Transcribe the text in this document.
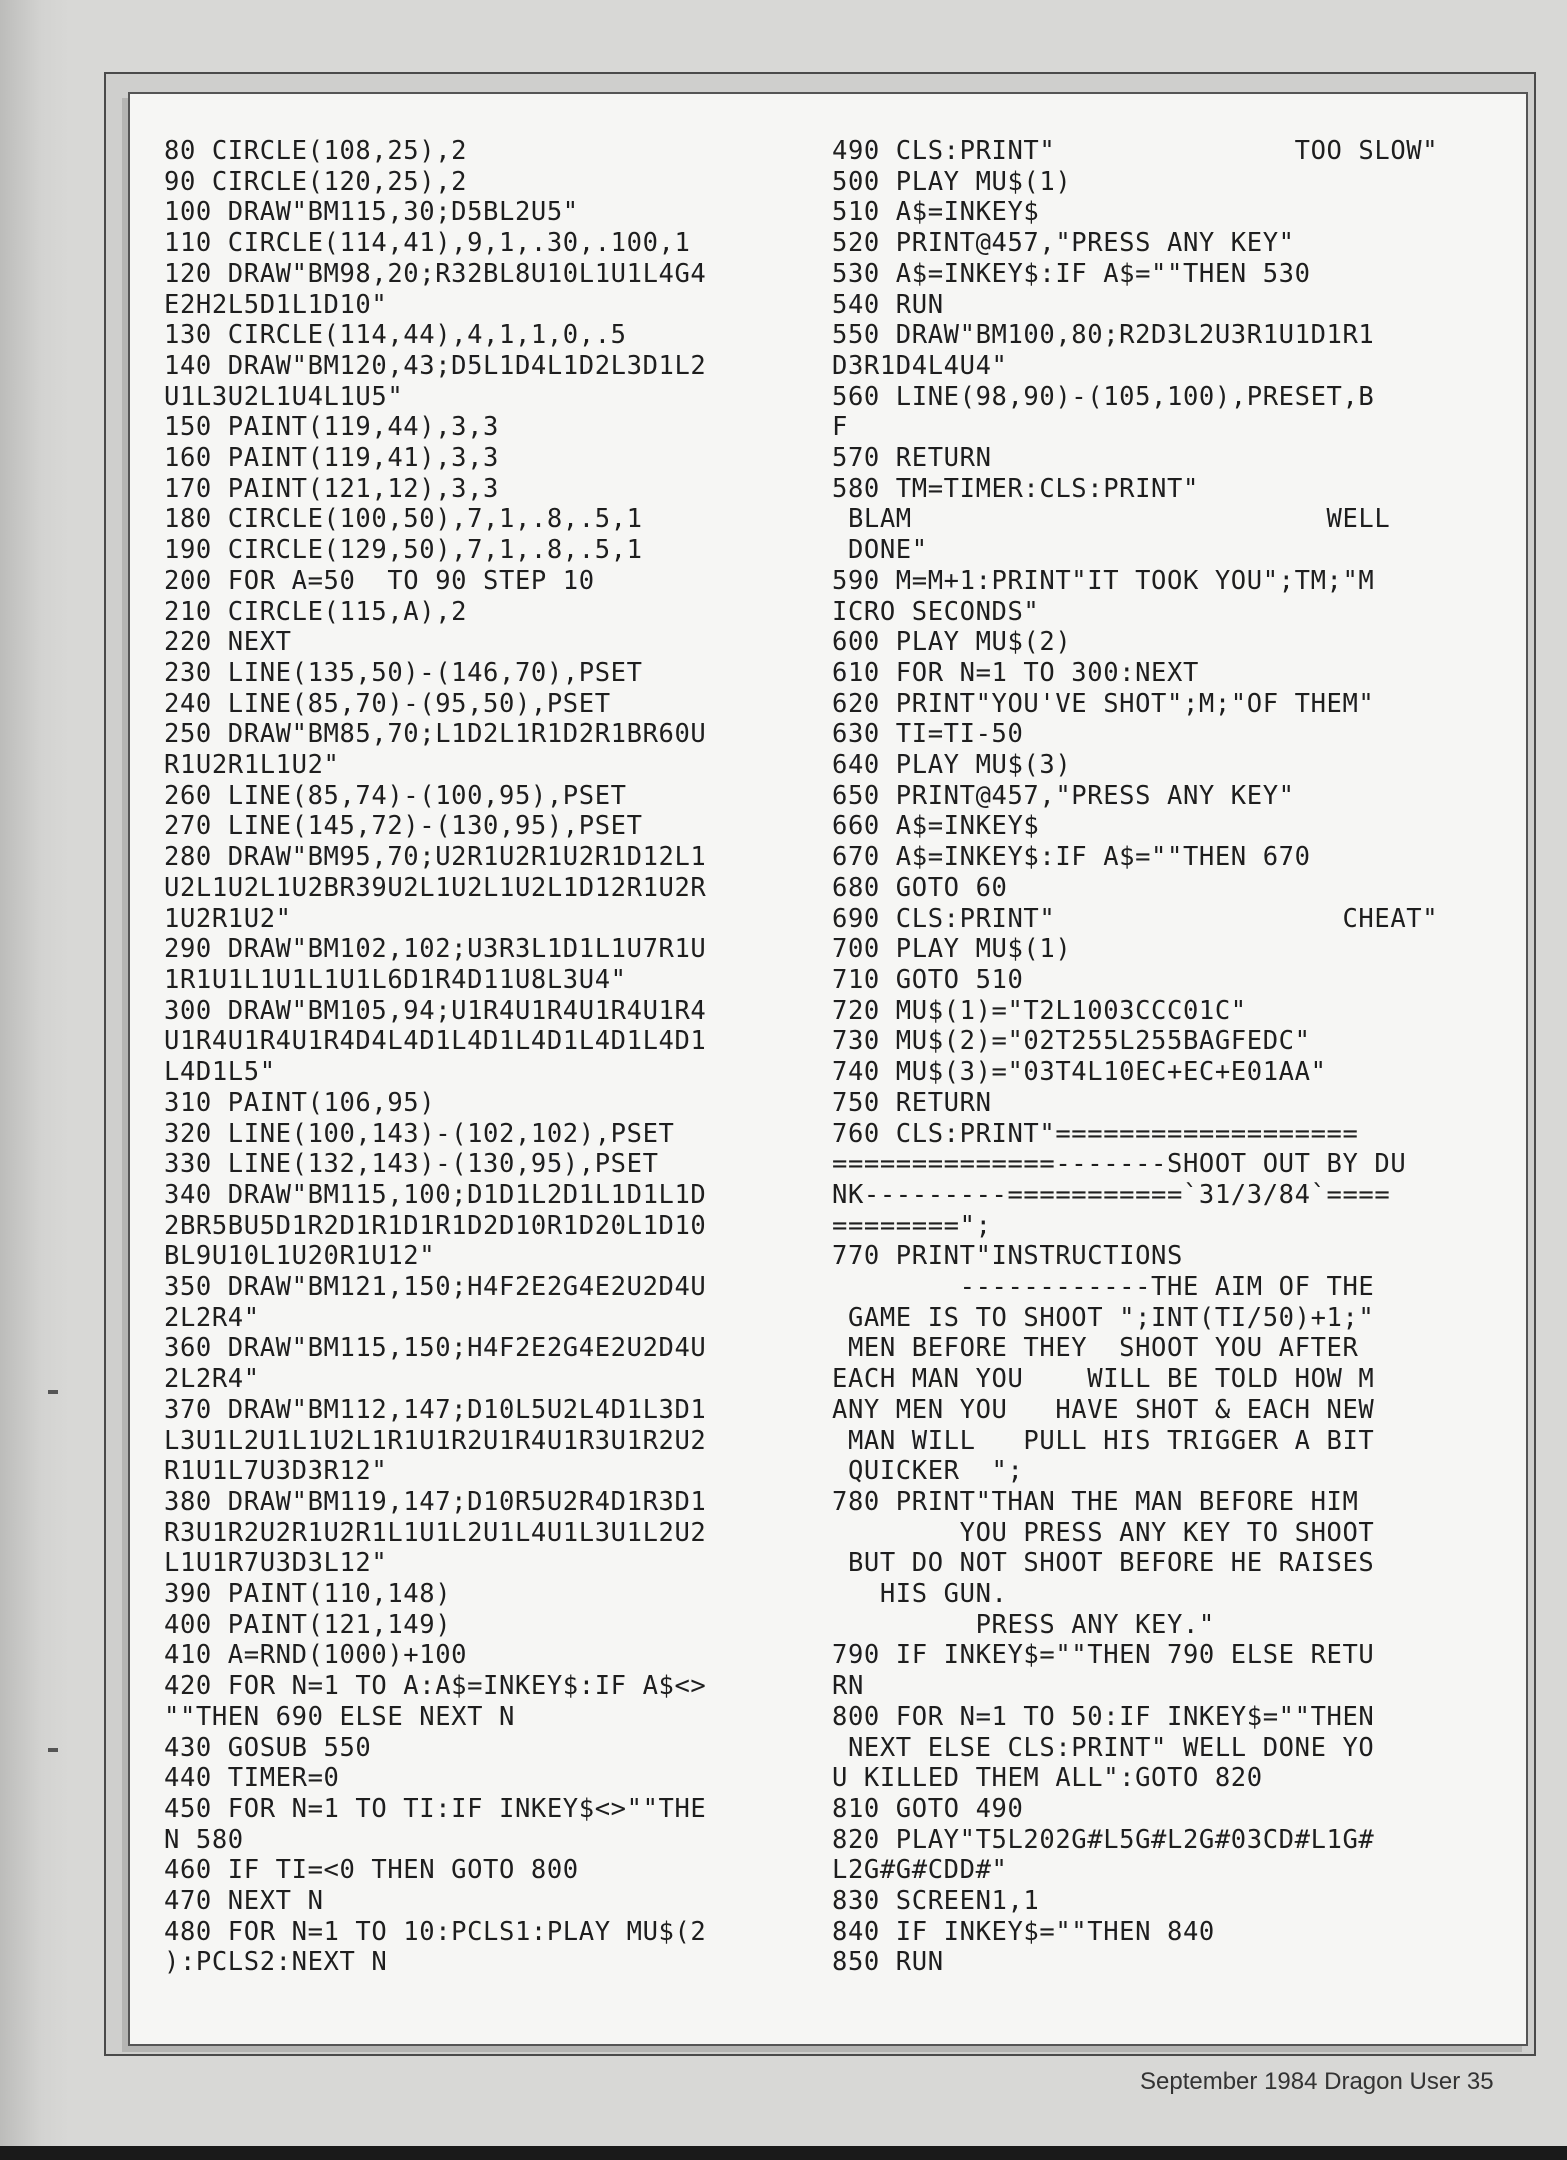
80 CIRCLE(108,25),2
90 CIRCLE(120,25),2
100 DRAW"BM115,30;D5BL2U5"
110 CIRCLE(114,41),9,1,.30,.100,1
120 DRAW"BM98,20;R32BL8U10L1U1L4G4
E2H2L5D1L1D10"
130 CIRCLE(114,44),4,1,1,0,.5
140 DRAW"BM120,43;D5L1D4L1D2L3D1L2
U1L3U2L1U4L1U5"
150 PAINT(119,44),3,3
160 PAINT(119,41),3,3
170 PAINT(121,12),3,3
180 CIRCLE(100,50),7,1,.8,.5,1
190 CIRCLE(129,50),7,1,.8,.5,1
200 FOR A=50  TO 90 STEP 10
210 CIRCLE(115,A),2
220 NEXT
230 LINE(135,50)-(146,70),PSET
240 LINE(85,70)-(95,50),PSET
250 DRAW"BM85,70;L1D2L1R1D2R1BR60U
R1U2R1L1U2"
260 LINE(85,74)-(100,95),PSET
270 LINE(145,72)-(130,95),PSET
280 DRAW"BM95,70;U2R1U2R1U2R1D12L1
U2L1U2L1U2BR39U2L1U2L1U2L1D12R1U2R
1U2R1U2"
290 DRAW"BM102,102;U3R3L1D1L1U7R1U
1R1U1L1U1L1U1L6D1R4D11U8L3U4"
300 DRAW"BM105,94;U1R4U1R4U1R4U1R4
U1R4U1R4U1R4D4L4D1L4D1L4D1L4D1L4D1
L4D1L5"
310 PAINT(106,95)
320 LINE(100,143)-(102,102),PSET
330 LINE(132,143)-(130,95),PSET
340 DRAW"BM115,100;D1D1L2D1L1D1L1D
2BR5BU5D1R2D1R1D1R1D2D10R1D20L1D10
BL9U10L1U20R1U12"
350 DRAW"BM121,150;H4F2E2G4E2U2D4U
2L2R4"
360 DRAW"BM115,150;H4F2E2G4E2U2D4U
2L2R4"
370 DRAW"BM112,147;D10L5U2L4D1L3D1
L3U1L2U1L1U2L1R1U1R2U1R4U1R3U1R2U2
R1U1L7U3D3R12"
380 DRAW"BM119,147;D10R5U2R4D1R3D1
R3U1R2U2R1U2R1L1U1L2U1L4U1L3U1L2U2
L1U1R7U3D3L12"
390 PAINT(110,148)
400 PAINT(121,149)
410 A=RND(1000)+100
420 FOR N=1 TO A:A$=INKEY$:IF A$<>
""THEN 690 ELSE NEXT N
430 GOSUB 550
440 TIMER=0
450 FOR N=1 TO TI:IF INKEY$<>""THE
N 580
460 IF TI=<0 THEN GOTO 800
470 NEXT N
480 FOR N=1 TO 10:PCLS1:PLAY MU$(2
):PCLS2:NEXT N
490 CLS:PRINT"               TOO SLOW"
500 PLAY MU$(1)
510 A$=INKEY$
520 PRINT@457,"PRESS ANY KEY"
530 A$=INKEY$:IF A$=""THEN 530
540 RUN
550 DRAW"BM100,80;R2D3L2U3R1U1D1R1
D3R1D4L4U4"
560 LINE(98,90)-(105,100),PRESET,B
F
570 RETURN
580 TM=TIMER:CLS:PRINT"
BLAM                          WELL
DONE"
590 M=M+1:PRINT"IT TOOK YOU";TM;"M
ICRO SECONDS"
600 PLAY MU$(2)
610 FOR N=1 TO 300:NEXT
620 PRINT"YOU'VE SHOT";M;"OF THEM"
630 TI=TI-50
640 PLAY MU$(3)
650 PRINT@457,"PRESS ANY KEY"
660 A$=INKEY$
670 A$=INKEY$:IF A$=""THEN 670
680 GOTO 60
690 CLS:PRINT"                  CHEAT"
700 PLAY MU$(1)
710 GOTO 510
720 MU$(1)="T2L1003CCC01C"
730 MU$(2)="02T255L255BAGFEDC"
740 MU$(3)="03T4L10EC+EC+E01AA"
750 RETURN
760 CLS:PRINT"===================
==============-------SHOOT OUT BY DU
NK---------===========`31/3/84`====
========";
770 PRINT"INSTRUCTIONS
------------THE AIM OF THE
GAME IS TO SHOOT ";INT(TI/50)+1;"
MEN BEFORE THEY  SHOOT YOU AFTER
EACH MAN YOU    WILL BE TOLD HOW M
ANY MEN YOU   HAVE SHOT & EACH NEW
MAN WILL   PULL HIS TRIGGER A BIT
QUICKER  ";
780 PRINT"THAN THE MAN BEFORE HIM
YOU PRESS ANY KEY TO SHOOT
BUT DO NOT SHOOT BEFORE HE RAISES
HIS GUN.
PRESS ANY KEY."
790 IF INKEY$=""THEN 790 ELSE RETU
RN
800 FOR N=1 TO 50:IF INKEY$=""THEN
NEXT ELSE CLS:PRINT" WELL DONE YO
U KILLED THEM ALL":GOTO 820
810 GOTO 490
820 PLAY"T5L202G#L5G#L2G#03CD#L1G#
L2G#G#CDD#"
830 SCREEN1,1
840 IF INKEY$=""THEN 840
850 RUN
September 1984 Dragon User 35
